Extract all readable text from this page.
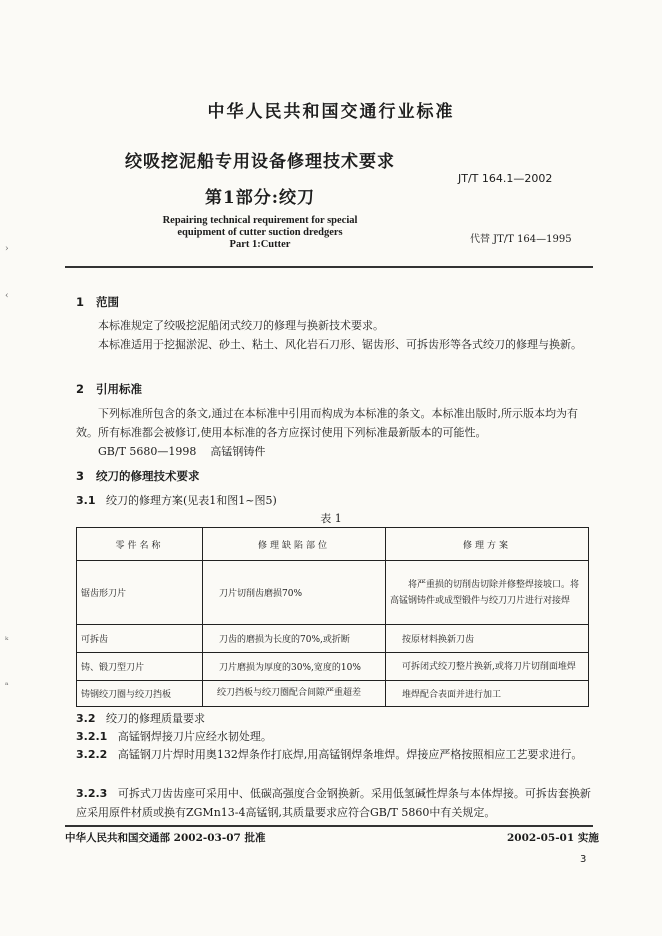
中华人民共和国交通行业标准
绞吸挖泥船专用设备修理技术要求
JT/T 164.1—2002
第1部分:绞刀
Repairing technical requirement for special
equipment of cutter suction dredgers
Part 1:Cutter	代替 JT/T 164—1995
›
‹
ᵏ
ₐ
1 范围
本标准规定了绞吸挖泥船闭式绞刀的修理与换新技术要求。
本标准适用于挖掘淤泥、砂土、粘土、风化岩石刀形、锯齿形、可拆齿形等各式绞刀的修理与换新。
2 引用标准
下列标准所包含的条文,通过在本标准中引用而构成为本标准的条文。本标准出版时,所示版本均为有效。所有标准都会被修订,使用本标准的各方应探讨使用下列标准最新版本的可能性。
GB/T 5680—1998 高锰钢铸件
3 绞刀的修理技术要求
3.1 绞刀的修理方案(见表1和图1~图5)
表 1
零件名称	修理缺陷部位	修理方案
锯齿形刀片	刀片切削齿磨损70%	将严重损的切削齿切除并修整焊接坡口。将高锰钢铸件或成型锻件与绞刀刀片进行对接焊
可拆齿	刀齿的磨损为长度的70%,或折断	按原材料换新刀齿
铸、锻刀型刀片	刀片磨损为厚度的30%,宽度的10%	可拆闭式绞刀整片换新,或将刀片切削面堆焊
铸钢绞刀圈与绞刀挡板	绞刀挡板与绞刀圈配合间隙严重超差	堆焊配合表面并进行加工
3.2 绞刀的修理质量要求
3.2.1 高锰钢焊接刀片应经水韧处理。
3.2.2 高锰钢刀片焊时用奥132焊条作打底焊,用高锰钢焊条堆焊。焊接应严格按照相应工艺要求进行。
3.2.3 可拆式刀齿齿座可采用中、低碳高强度合金钢换新。采用低氢碱性焊条与本体焊接。可拆齿套换新应采用原件材质或换有ZGMn13-4高锰钢,其质量要求应符合GB/T 5860中有关规定。
中华人民共和国交通部 2002-03-07 批准	2002-05-01 实施
3
